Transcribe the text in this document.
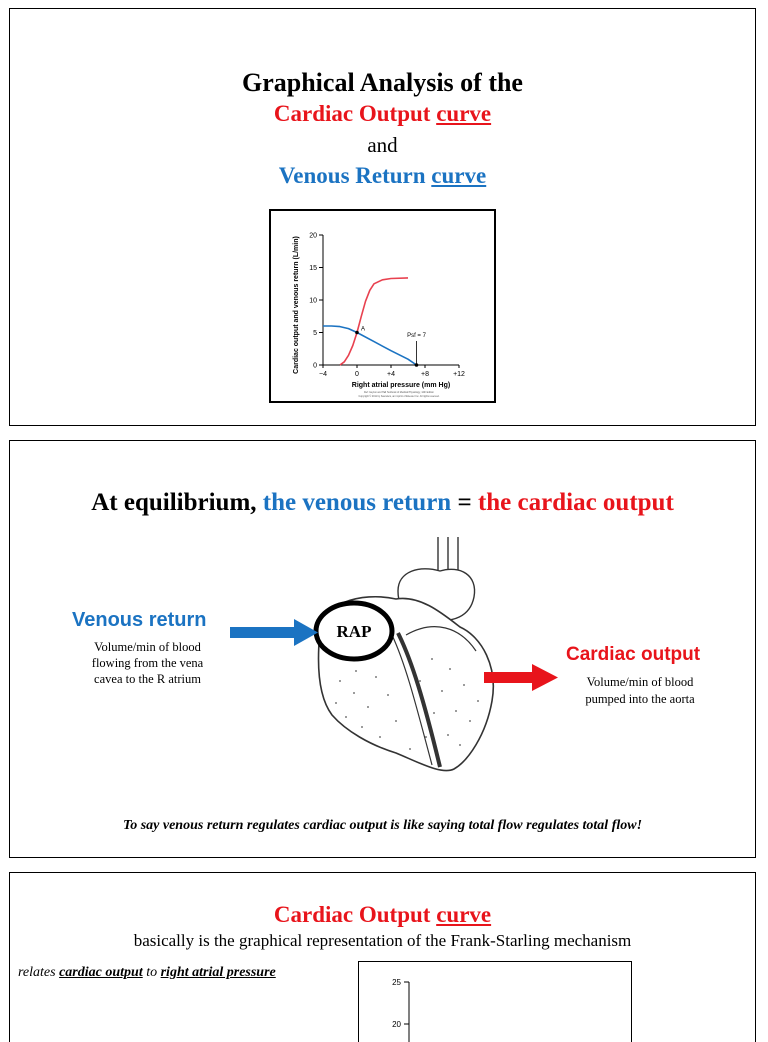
Graphical Analysis of the
Cardiac Output curve
and
Venous Return curve
20
15
10
5
0
−4	0	+4	+8	+12
A
Psf = 7
Cardiac output and venous return (L/min)
Right atrial pressure (mm Hg)
Ref: Guyton and Hall Textbook of Medical Physiology, 12th Edition
Copyright © 2011 by Saunders, an imprint of Elsevier Inc. All rights reserved.
At equilibrium, the venous return = the cardiac output
RAP
Venous return
Volume/min of blood flowing from the vena cavea to the R atrium
Cardiac output
Volume/min of blood pumped into the aorta
To say venous return regulates cardiac output is like saying total flow regulates total flow!
Cardiac Output curve
basically is the graphical representation of the Frank-Starling mechanism
relates cardiac output to right atrial pressure
25
20
